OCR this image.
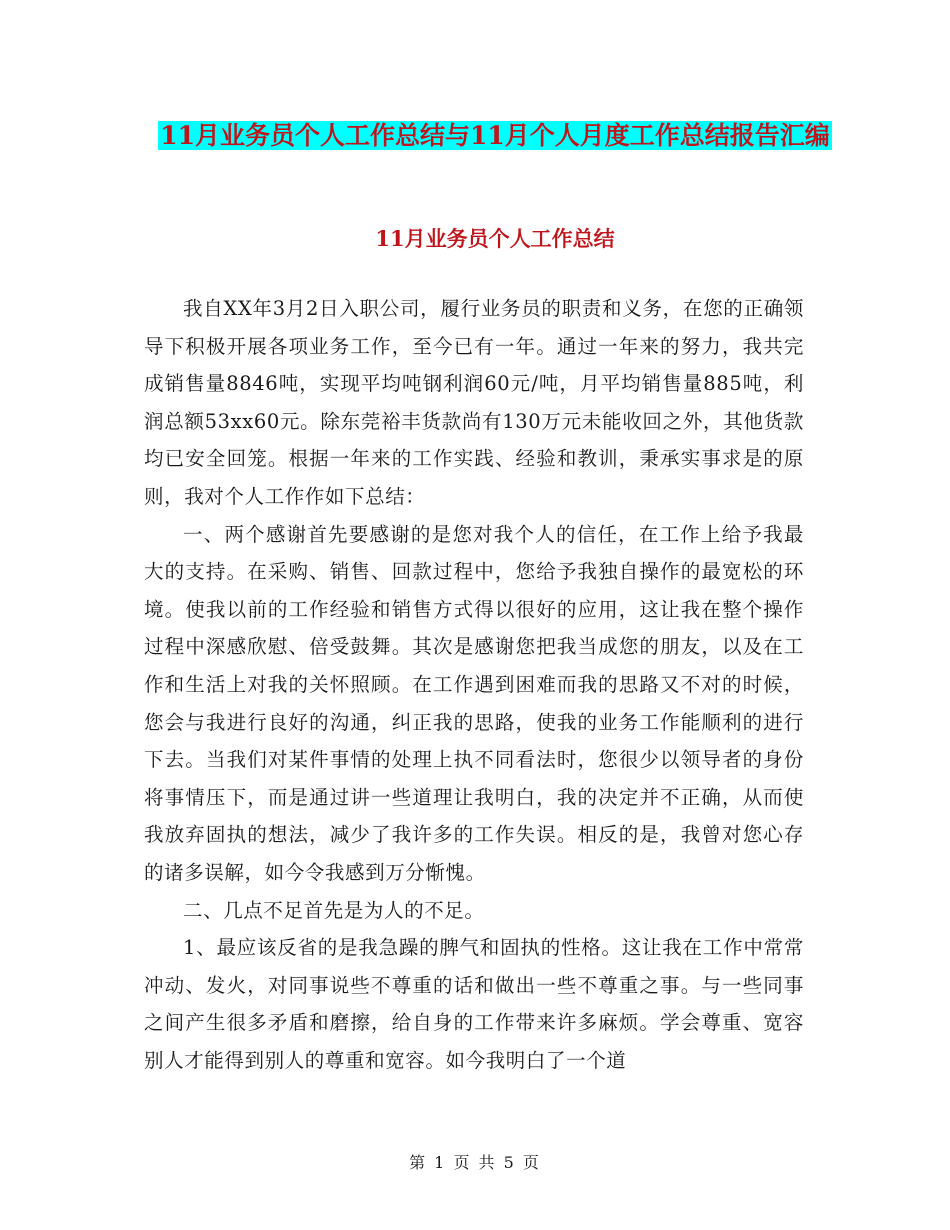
11月业务员个人工作总结与11月个人月度工作总结报告汇编
11月业务员个人工作总结

我自XX年3月2日入职公司，履行业务员的职责和义务，在您的正确领导下积极开展各项业务工作，至今已有一年。通过一年来的努力，我共完成销售量8846吨，实现平均吨钢利润60元/吨，月平均销售量885吨，利润总额53xx60元。除东莞裕丰货款尚有130万元未能收回之外，其他货款均已安全回笼。根据一年来的工作实践、经验和教训，秉承实事求是的原则，我对个人工作作如下总结：

一、两个感谢首先要感谢的是您对我个人的信任，在工作上给予我最大的支持。在采购、销售、回款过程中，您给予我独自操作的最宽松的环境。使我以前的工作经验和销售方式得以很好的应用，这让我在整个操作过程中深感欣慰、倍受鼓舞。其次是感谢您把我当成您的朋友，以及在工作和生活上对我的关怀照顾。在工作遇到困难而我的思路又不对的时候，您会与我进行良好的沟通，纠正我的思路，使我的业务工作能顺利的进行下去。当我们对某件事情的处理上执不同看法时，您很少以领导者的身份将事情压下，而是通过讲一些道理让我明白，我的决定并不正确，从而使我放弃固执的想法，减少了我许多的工作失误。相反的是，我曾对您心存的诸多误解，如今令我感到万分惭愧。

二、几点不足首先是为人的不足。

1、最应该反省的是我急躁的脾气和固执的性格。这让我在工作中常常冲动、发火，对同事说些不尊重的话和做出一些不尊重之事。与一些同事之间产生很多矛盾和磨擦，给自身的工作带来许多麻烦。学会尊重、宽容别人才能得到别人的尊重和宽容。如今我明白了一个道

第 1 页 共 5 页
